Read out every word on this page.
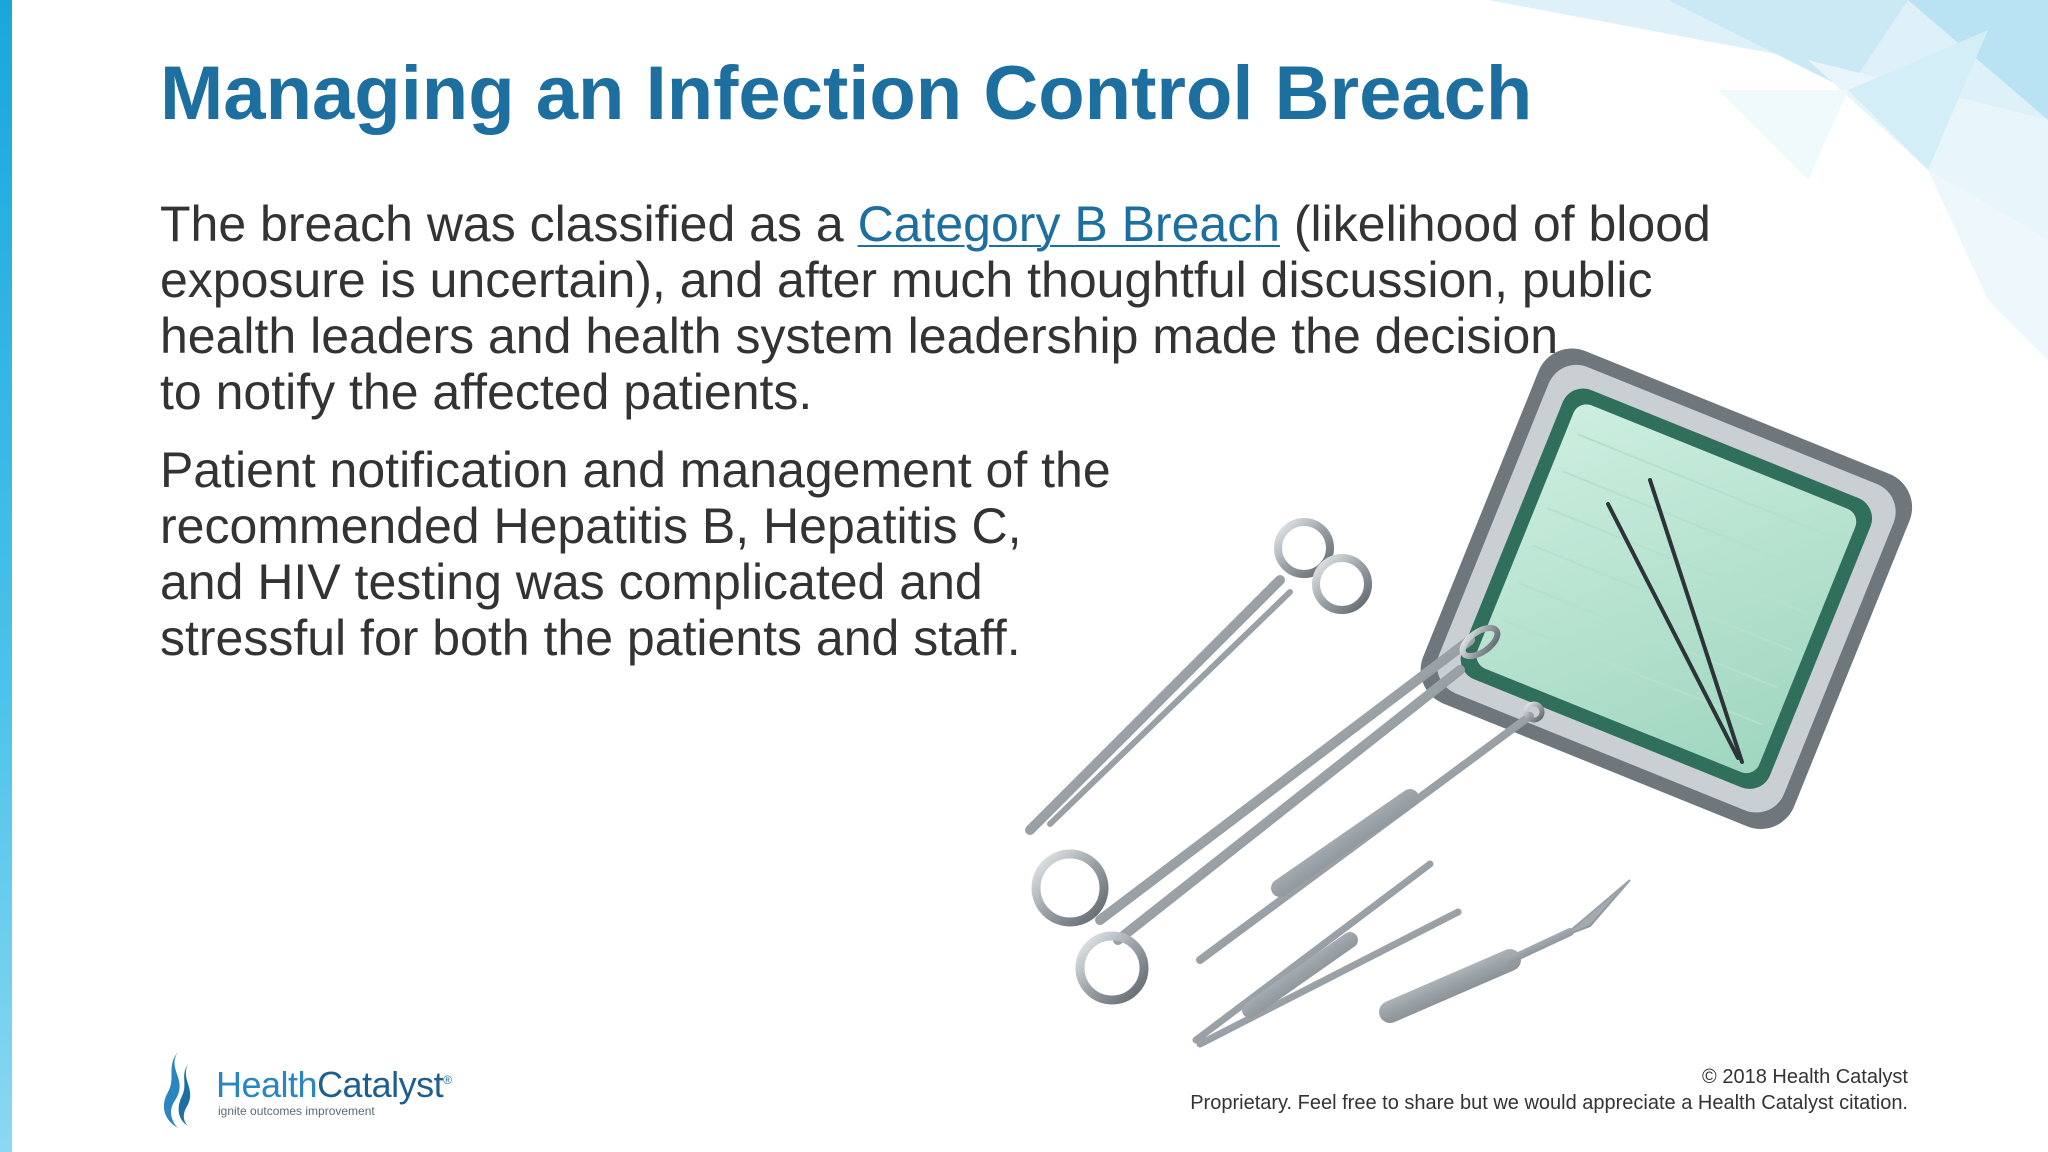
Managing an Infection Control Breach
The breach was classified as a Category B Breach (likelihood of blood
exposure is uncertain), and after much thoughtful discussion, public
health leaders and health system leadership made the decision
to notify the affected patients.
Patient notification and management of the
recommended Hepatitis B, Hepatitis C,
and HIV testing was complicated and
stressful for both the patients and staff.
HealthCatalyst®
ignite outcomes improvement
© 2018 Health Catalyst
Proprietary. Feel free to share but we would appreciate a Health Catalyst citation.
